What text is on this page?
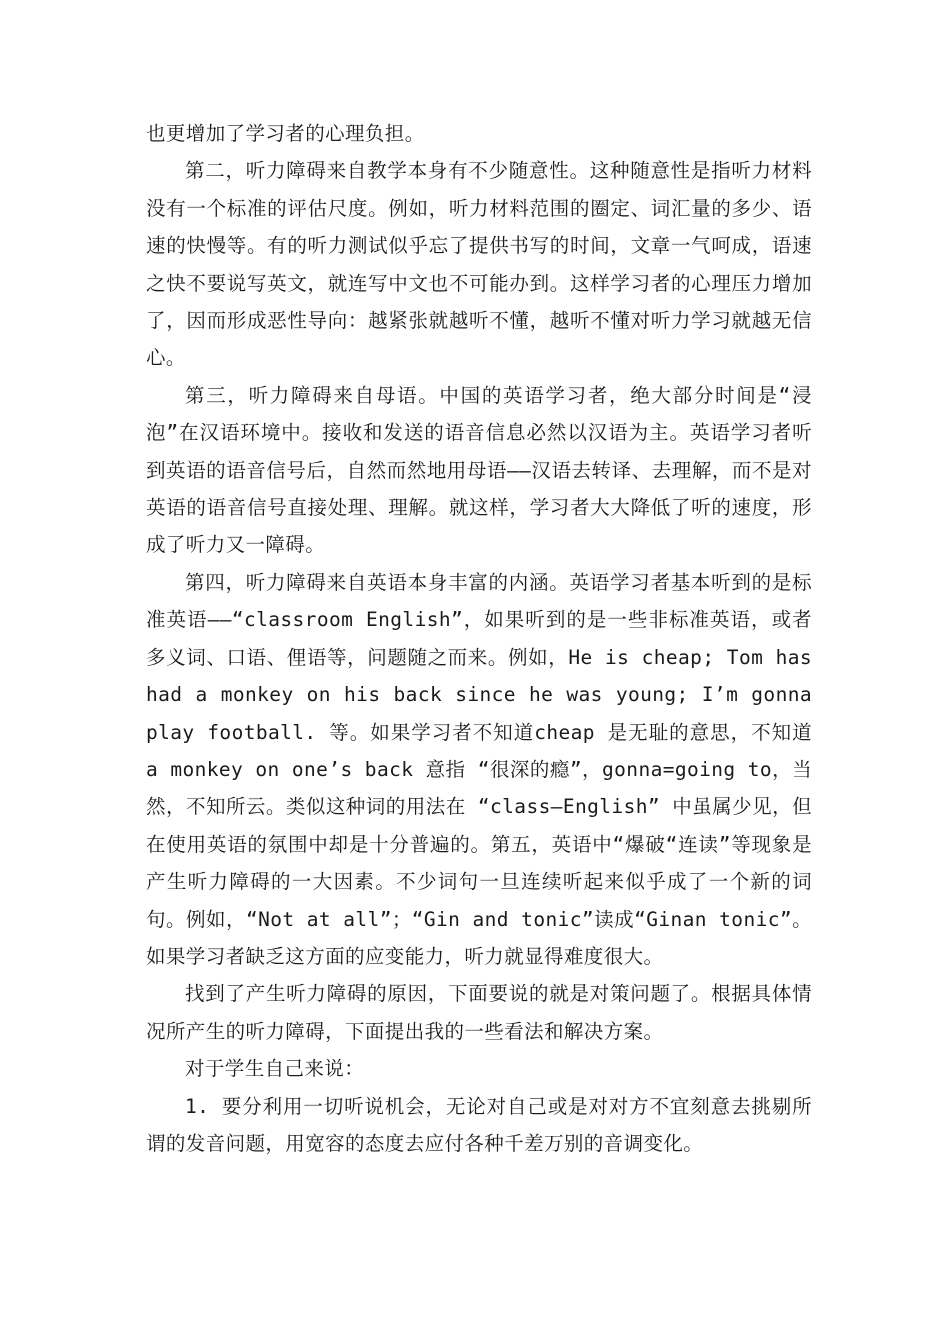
也更增加了学习者的心理负担。

第二，听力障碍来自教学本身有不少随意性。这种随意性是指听力材料没有一个标准的评估尺度。例如，听力材料范围的圈定、词汇量的多少、语速的快慢等。有的听力测试似乎忘了提供书写的时间，文章一气呵成，语速之快不要说写英文，就连写中文也不可能办到。这样学习者的心理压力增加了，因而形成恶性导向：越紧张就越听不懂，越听不懂对听力学习就越无信心。

第三，听力障碍来自母语。中国的英语学习者，绝大部分时间是“浸泡”在汉语环境中。接收和发送的语音信息必然以汉语为主。英语学习者听到英语的语音信号后，自然而然地用母语——汉语去转译、去理解，而不是对英语的语音信号直接处理、理解。就这样，学习者大大降低了听的速度，形成了听力又一障碍。

第四，听力障碍来自英语本身丰富的内涵。英语学习者基本听到的是标准英语——“classroom English”，如果听到的是一些非标准英语，或者多义词、口语、俚语等，问题随之而来。例如，He is cheap; Tom has had a monkey on his back since he was young; I’m gonna play football. 等。如果学习者不知道cheap 是无耻的意思，不知道 a monkey on one’s back 意指 “很深的瘾”，gonna=going to，当然，不知所云。类似这种词的用法在 “class—English” 中虽属少见，但在使用英语的氛围中却是十分普遍的。第五，英语中“爆破“连读”等现象是产生听力障碍的一大因素。不少词句一旦连续听起来似乎成了一个新的词句。例如，“Not at all”；“Gin and tonic”读成“Ginan tonic”。如果学习者缺乏这方面的应变能力，听力就显得难度很大。

找到了产生听力障碍的原因，下面要说的就是对策问题了。根据具体情况所产生的听力障碍，下面提出我的一些看法和解决方案。

对于学生自己来说：

1. 要分利用一切听说机会，无论对自己或是对对方不宜刻意去挑剔所谓的发音问题，用宽容的态度去应付各种千差万别的音调变化。
